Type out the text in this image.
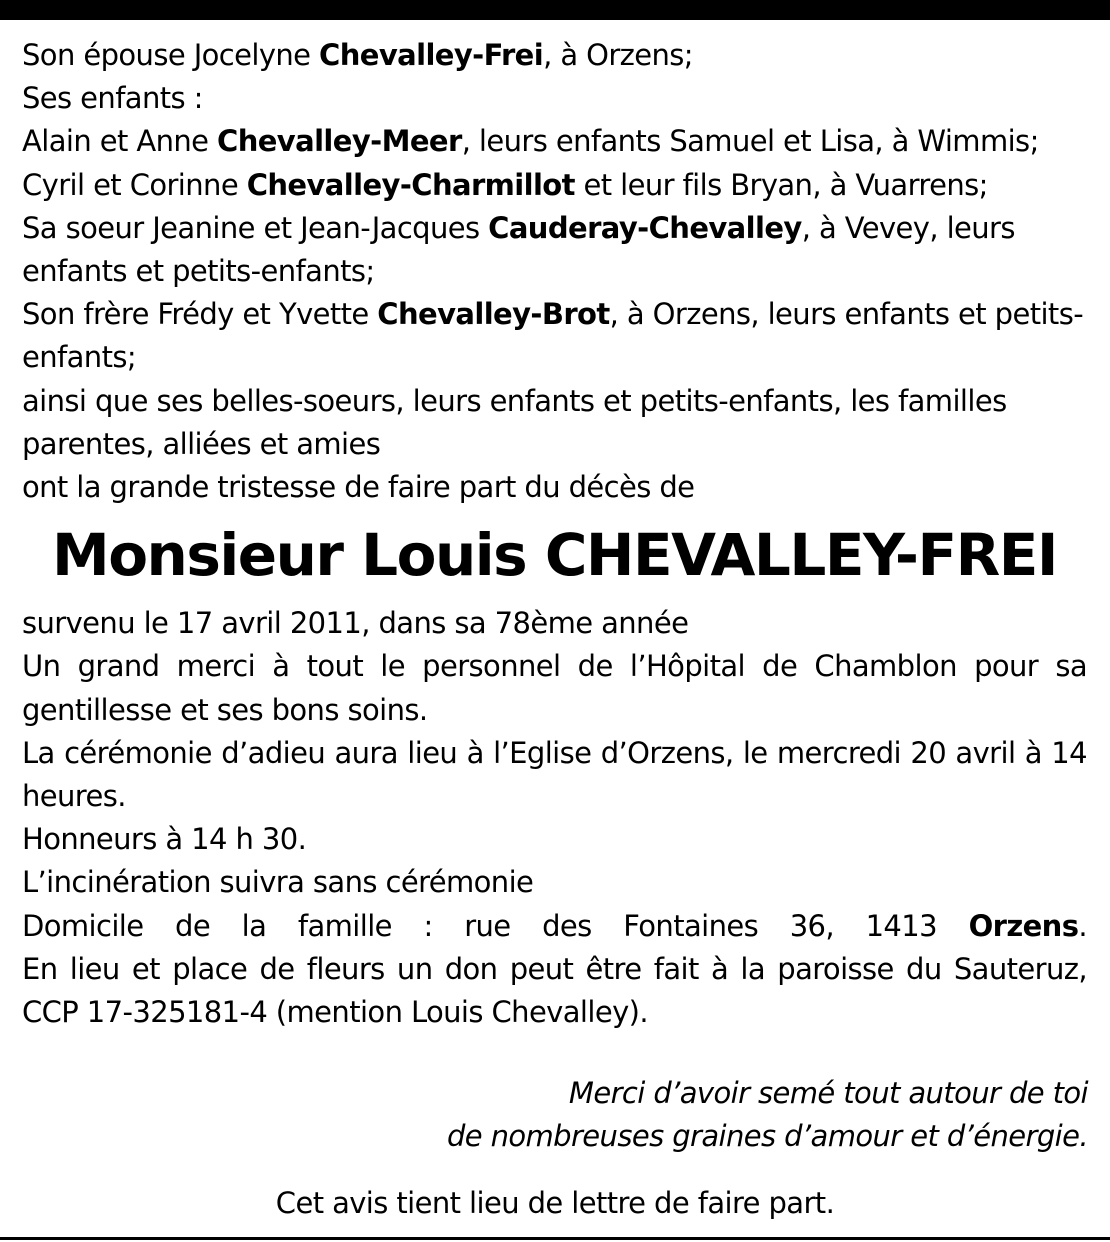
Son épouse Jocelyne Chevalley-Frei, à Orzens;
Ses enfants :
Alain et Anne Chevalley-Meer, leurs enfants Samuel et Lisa, à Wimmis;
Cyril et Corinne Chevalley-Charmillot et leur fils Bryan, à Vuarrens;
Sa soeur Jeanine et Jean-Jacques Cauderay-Chevalley, à Vevey, leurs enfants et petits-enfants;
Son frère Frédy et Yvette Chevalley-Brot, à Orzens, leurs enfants et petits-enfants;
ainsi que ses belles-soeurs, leurs enfants et petits-enfants, les familles parentes, alliées et amies
ont la grande tristesse de faire part du décès de
Monsieur Louis CHEVALLEY-FREI
survenu le 17 avril 2011, dans sa 78ème année
Un grand merci à tout le personnel de l’Hôpital de Chamblon pour sa gentillesse et ses bons soins.
La cérémonie d’adieu aura lieu à l’Eglise d’Orzens, le mercredi 20 avril à 14 heures.
Honneurs à 14 h 30.
L’incinération suivra sans cérémonie
Domicile de la famille : rue des Fontaines 36, 1413 Orzens.
En lieu et place de fleurs un don peut être fait à la paroisse du Sauteruz, CCP 17-325181-4 (mention Louis Chevalley).
Merci d’avoir semé tout autour de toi
de nombreuses graines d’amour et d’énergie.
Cet avis tient lieu de lettre de faire part.
